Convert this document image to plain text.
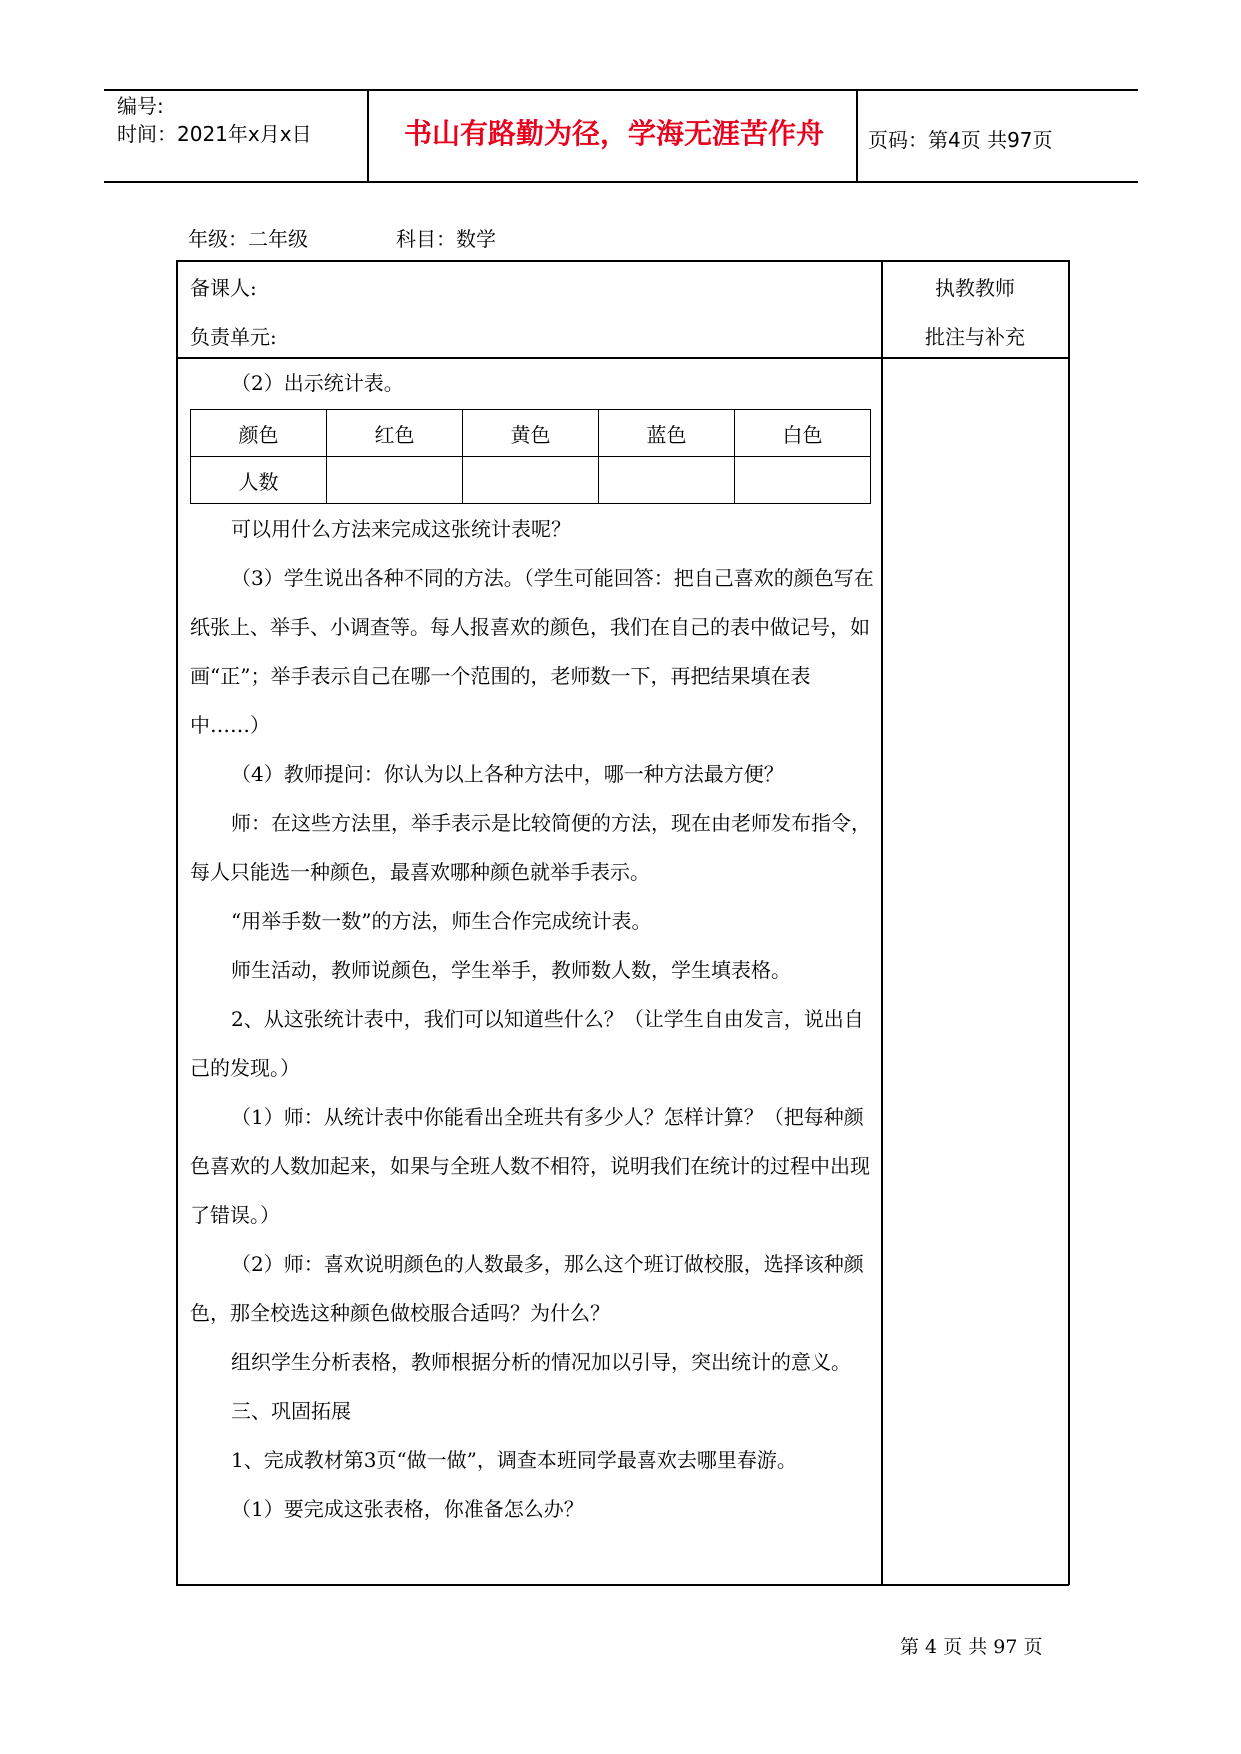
编号:
时间：2021年x月x日	书山有路勤为径，学海无涯苦作舟	页码：第4页 共97页
年级：二年级	科目：数学
备课人:
负责单元:
执教教师
批注与补充

（2）出示统计表。

颜色	红色	黄色	蓝色	白色
人数				

可以用什么方法来完成这张统计表呢？

（3）学生说出各种不同的方法。（学生可能回答：把自己喜欢的颜色写在纸张上、举手、小调查等。每人报喜欢的颜色，我们在自己的表中做记号，如画“正”；举手表示自己在哪一个范围的，老师数一下，再把结果填在表中……）

（4）教师提问：你认为以上各种方法中，哪一种方法最方便？

师：在这些方法里，举手表示是比较简便的方法，现在由老师发布指令，每人只能选一种颜色，最喜欢哪种颜色就举手表示。

“用举手数一数”的方法，师生合作完成统计表。

师生活动，教师说颜色，学生举手，教师数人数，学生填表格。

2、从这张统计表中，我们可以知道些什么？（让学生自由发言，说出自己的发现。）

（1）师：从统计表中你能看出全班共有多少人？怎样计算？（把每种颜色喜欢的人数加起来，如果与全班人数不相符，说明我们在统计的过程中出现了错误。）

（2）师：喜欢说明颜色的人数最多，那么这个班订做校服，选择该种颜色，那全校选这种颜色做校服合适吗？为什么？

组织学生分析表格，教师根据分析的情况加以引导，突出统计的意义。

三、巩固拓展

1、完成教材第3页“做一做”，调查本班同学最喜欢去哪里春游。

（1）要完成这张表格，你准备怎么办？

第 4 页 共 97 页
